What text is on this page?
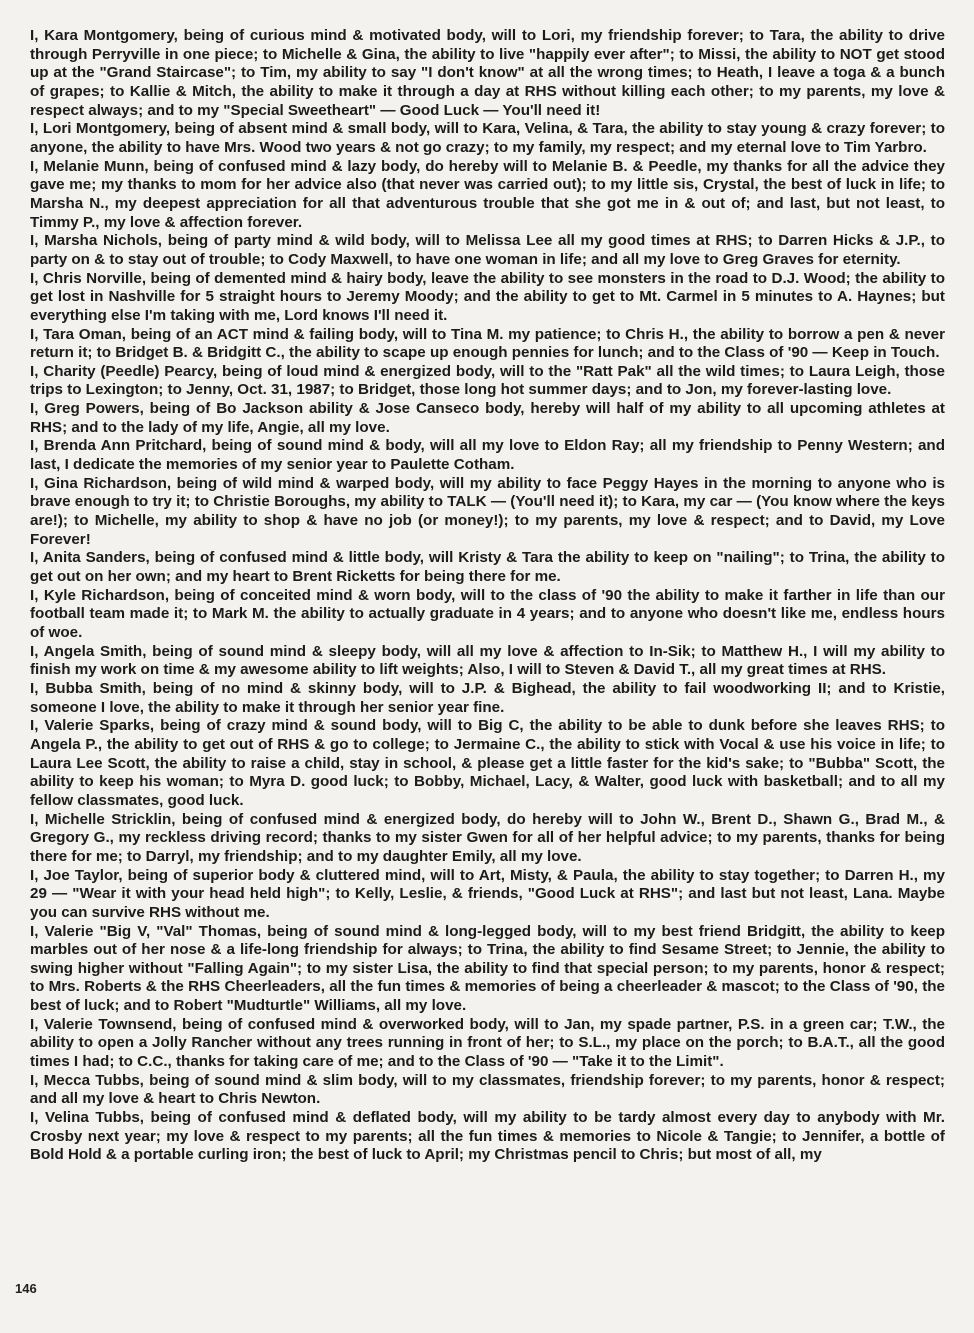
I, Kara Montgomery, being of curious mind & motivated body, will to Lori, my friendship forever; to Tara, the ability to drive through Perryville in one piece; to Michelle & Gina, the ability to live "happily ever after"; to Missi, the ability to NOT get stood up at the "Grand Staircase"; to Tim, my ability to say "I don't know" at all the wrong times; to Heath, I leave a toga & a bunch of grapes; to Kallie & Mitch, the ability to make it through a day at RHS without killing each other; to my parents, my love & respect always; and to my "Special Sweetheart" — Good Luck — You'll need it!

I, Lori Montgomery, being of absent mind & small body, will to Kara, Velina, & Tara, the ability to stay young & crazy forever; to anyone, the ability to have Mrs. Wood two years & not go crazy; to my family, my respect; and my eternal love to Tim Yarbro.

I, Melanie Munn, being of confused mind & lazy body, do hereby will to Melanie B. & Peedle, my thanks for all the advice they gave me; my thanks to mom for her advice also (that never was carried out); to my little sis, Crystal, the best of luck in life; to Marsha N., my deepest appreciation for all that adventurous trouble that she got me in & out of; and last, but not least, to Timmy P., my love & affection forever.

I, Marsha Nichols, being of party mind & wild body, will to Melissa Lee all my good times at RHS; to Darren Hicks & J.P., to party on & to stay out of trouble; to Cody Maxwell, to have one woman in life; and all my love to Greg Graves for eternity.

I, Chris Norville, being of demented mind & hairy body, leave the ability to see monsters in the road to D.J. Wood; the ability to get lost in Nashville for 5 straight hours to Jeremy Moody; and the ability to get to Mt. Carmel in 5 minutes to A. Haynes; but everything else I'm taking with me, Lord knows I'll need it.

I, Tara Oman, being of an ACT mind & failing body, will to Tina M. my patience; to Chris H., the ability to borrow a pen & never return it; to Bridget B. & Bridgitt C., the ability to scape up enough pennies for lunch; and to the Class of '90 — Keep in Touch.

I, Charity (Peedle) Pearcy, being of loud mind & energized body, will to the "Ratt Pak" all the wild times; to Laura Leigh, those trips to Lexington; to Jenny, Oct. 31, 1987; to Bridget, those long hot summer days; and to Jon, my forever-lasting love.

I, Greg Powers, being of Bo Jackson ability & Jose Canseco body, hereby will half of my ability to all upcoming athletes at RHS; and to the lady of my life, Angie, all my love.

I, Brenda Ann Pritchard, being of sound mind & body, will all my love to Eldon Ray; all my friendship to Penny Western; and last, I dedicate the memories of my senior year to Paulette Cotham.

I, Gina Richardson, being of wild mind & warped body, will my ability to face Peggy Hayes in the morning to anyone who is brave enough to try it; to Christie Boroughs, my ability to TALK — (You'll need it); to Kara, my car — (You know where the keys are!); to Michelle, my ability to shop & have no job (or money!); to my parents, my love & respect; and to David, my Love Forever!

I, Anita Sanders, being of confused mind & little body, will Kristy & Tara the ability to keep on "nailing"; to Trina, the ability to get out on her own; and my heart to Brent Ricketts for being there for me.

I, Kyle Richardson, being of conceited mind & worn body, will to the class of '90 the ability to make it farther in life than our football team made it; to Mark M. the ability to actually graduate in 4 years; and to anyone who doesn't like me, endless hours of woe.

I, Angela Smith, being of sound mind & sleepy body, will all my love & affection to In-Sik; to Matthew H., I will my ability to finish my work on time & my awesome ability to lift weights; Also, I will to Steven & David T., all my great times at RHS.

I, Bubba Smith, being of no mind & skinny body, will to J.P. & Bighead, the ability to fail woodworking II; and to Kristie, someone I love, the ability to make it through her senior year fine.

I, Valerie Sparks, being of crazy mind & sound body, will to Big C, the ability to be able to dunk before she leaves RHS; to Angela P., the ability to get out of RHS & go to college; to Jermaine C., the ability to stick with Vocal & use his voice in life; to Laura Lee Scott, the ability to raise a child, stay in school, & please get a little faster for the kid's sake; to "Bubba" Scott, the ability to keep his woman; to Myra D. good luck; to Bobby, Michael, Lacy, & Walter, good luck with basketball; and to all my fellow classmates, good luck.

I, Michelle Stricklin, being of confused mind & energized body, do hereby will to John W., Brent D., Shawn G., Brad M., & Gregory G., my reckless driving record; thanks to my sister Gwen for all of her helpful advice; to my parents, thanks for being there for me; to Darryl, my friendship; and to my daughter Emily, all my love.

I, Joe Taylor, being of superior body & cluttered mind, will to Art, Misty, & Paula, the ability to stay together; to Darren H., my 29 — "Wear it with your head held high"; to Kelly, Leslie, & friends, "Good Luck at RHS"; and last but not least, Lana. Maybe you can survive RHS without me.

I, Valerie "Big V, "Val" Thomas, being of sound mind & long-legged body, will to my best friend Bridgitt, the ability to keep marbles out of her nose & a life-long friendship for always; to Trina, the ability to find Sesame Street; to Jennie, the ability to swing higher without "Falling Again"; to my sister Lisa, the ability to find that special person; to my parents, honor & respect; to Mrs. Roberts & the RHS Cheerleaders, all the fun times & memories of being a cheerleader & mascot; to the Class of '90, the best of luck; and to Robert "Mudturtle" Williams, all my love.

I, Valerie Townsend, being of confused mind & overworked body, will to Jan, my spade partner, P.S. in a green car; T.W., the ability to open a Jolly Rancher without any trees running in front of her; to S.L., my place on the porch; to B.A.T., all the good times I had; to C.C., thanks for taking care of me; and to the Class of '90 — "Take it to the Limit".

I, Mecca Tubbs, being of sound mind & slim body, will to my classmates, friendship forever; to my parents, honor & respect; and all my love & heart to Chris Newton.

I, Velina Tubbs, being of confused mind & deflated body, will my ability to be tardy almost every day to anybody with Mr. Crosby next year; my love & respect to my parents; all the fun times & memories to Nicole & Tangie; to Jennifer, a bottle of Bold Hold & a portable curling iron; the best of luck to April; my Christmas pencil to Chris; but most of all, my

146
